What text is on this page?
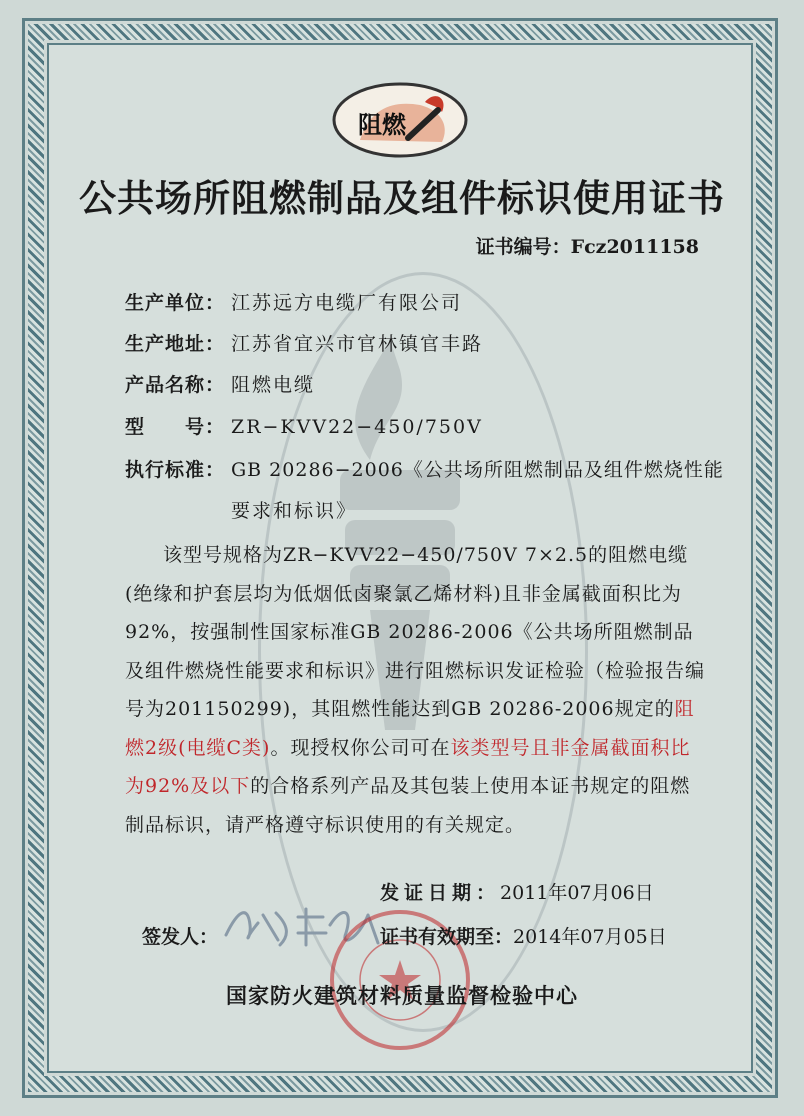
阻燃
公共场所阻燃制品及组件标识使用证书
证书编号：Fcz2011158
生产单位： 江苏远方电缆厂有限公司
生产地址： 江苏省宜兴市官林镇官丰路
产品名称： 阻燃电缆
型　　号： ZR−KVV22−450/750V
执行标准： GB 20286−2006《公共场所阻燃制品及组件燃烧性能
要求和标识》
该型号规格为ZR−KVV22−450/750V 7×2.5的阻燃电缆(绝缘和护套层均为低烟低卤聚氯乙烯材料)且非金属截面积比为92%，按强制性国家标准GB 20286-2006《公共场所阻燃制品及组件燃烧性能要求和标识》进行阻燃标识发证检验（检验报告编号为201150299)，其阻燃性能达到GB 20286-2006规定的阻燃2级(电缆C类)。现授权你公司可在该类型号且非金属截面积比为92%及以下的合格系列产品及其包装上使用本证书规定的阻燃制品标识，请严格遵守标识使用的有关规定。
发证日期：2011年07月06日
签发人：	证书有效期至：2014年07月05日
国家防火建筑材料质量监督检验中心
